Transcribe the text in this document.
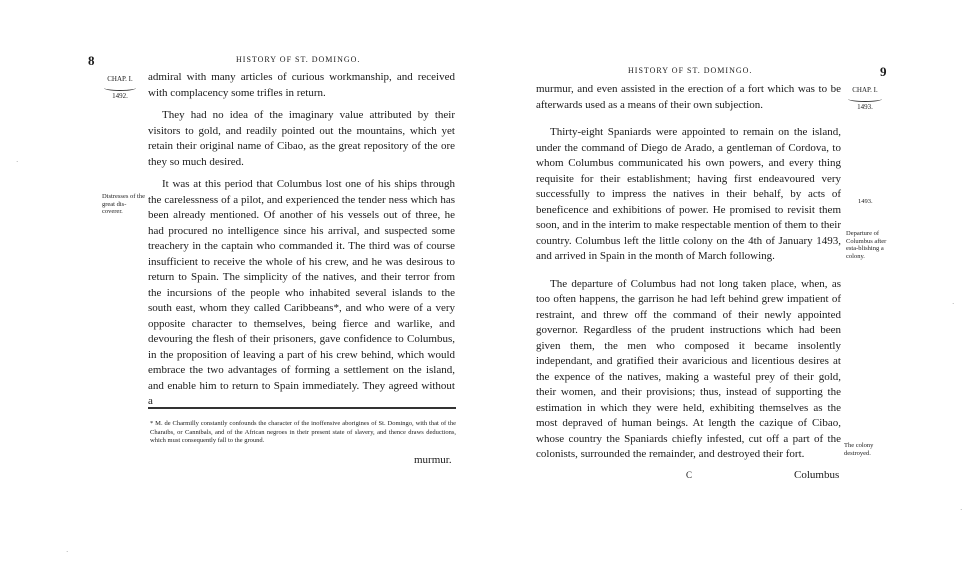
8	HISTORY OF ST. DOMINGO.
CHAP. I.
1492.
Distresses of the great dis-coverer.

admiral with many articles of curious workmanship, and received with complacency some trifles in return.

They had no idea of the imaginary value attributed by their visitors to gold, and readily pointed out the mountains, which yet retain their original name of Cibao, as the great repository of the ore they so much desired.

It was at this period that Columbus lost one of his ships through the carelessness of a pilot, and experienced the tender ness which has been already mentioned. Of another of his vessels out of three, he had procured no intelligence since his arrival, and suspected some treachery in the captain who commanded it. The third was of course insufficient to receive the whole of his crew, and he was desirous to return to Spain. The simplicity of the natives, and their terror from the incursions of the people who inhabited several islands to the south east, whom they called Caribbeans*, and who were of a very opposite character to themselves, being fierce and warlike, and devouring the flesh of their prisoners, gave confidence to Columbus, in the proposition of leaving a part of his crew behind, which would embrace the two advantages of forming a settlement on the island, and enable him to return to Spain immediately. They agreed without a

* M. de Charmilly constantly confounds the character of the inoffensive aborigines of St. Domingo, with that of the Charaibs, or Cannibals, and of the African negroes in their present state of slavery, and thence draws deductions, which must consequently fall to the ground.

murmur.
HISTORY OF ST. DOMINGO.	9
CHAP. I.
1493.
1493.
Departure of Columbus after esta-blishing a colony.
The colony destroyed.

murmur, and even assisted in the erection of a fort which was to be afterwards used as a means of their own subjection.

Thirty-eight Spaniards were appointed to remain on the island, under the command of Diego de Arado, a gentleman of Cordova, to whom Columbus communicated his own powers, and every thing requisite for their establishment; having first endeavoured very successfully to impress the natives in their behalf, by acts of beneficence and exhibitions of power. He promised to revisit them soon, and in the interim to make respectable mention of them to their country. Columbus left the little colony on the 4th of January 1493, and arrived in Spain in the month of March following.

The departure of Columbus had not long taken place, when, as too often happens, the garrison he had left behind grew impatient of restraint, and threw off the command of their newly appointed governor. Regardless of the prudent instructions which had been given them, the men who composed it became insolently independant, and gratified their avaricious and licentious desires at the expence of the natives, making a wasteful prey of their gold, their women, and their provisions; thus, instead of supporting the estimation in which they were held, exhibiting themselves as the most depraved of human beings. At length the cazique of Cibao, whose country the Spaniards chiefly infested, cut off a part of the colonists, surrounded the remainder, and destroyed their fort.

C	Columbus
·
·
·
·
